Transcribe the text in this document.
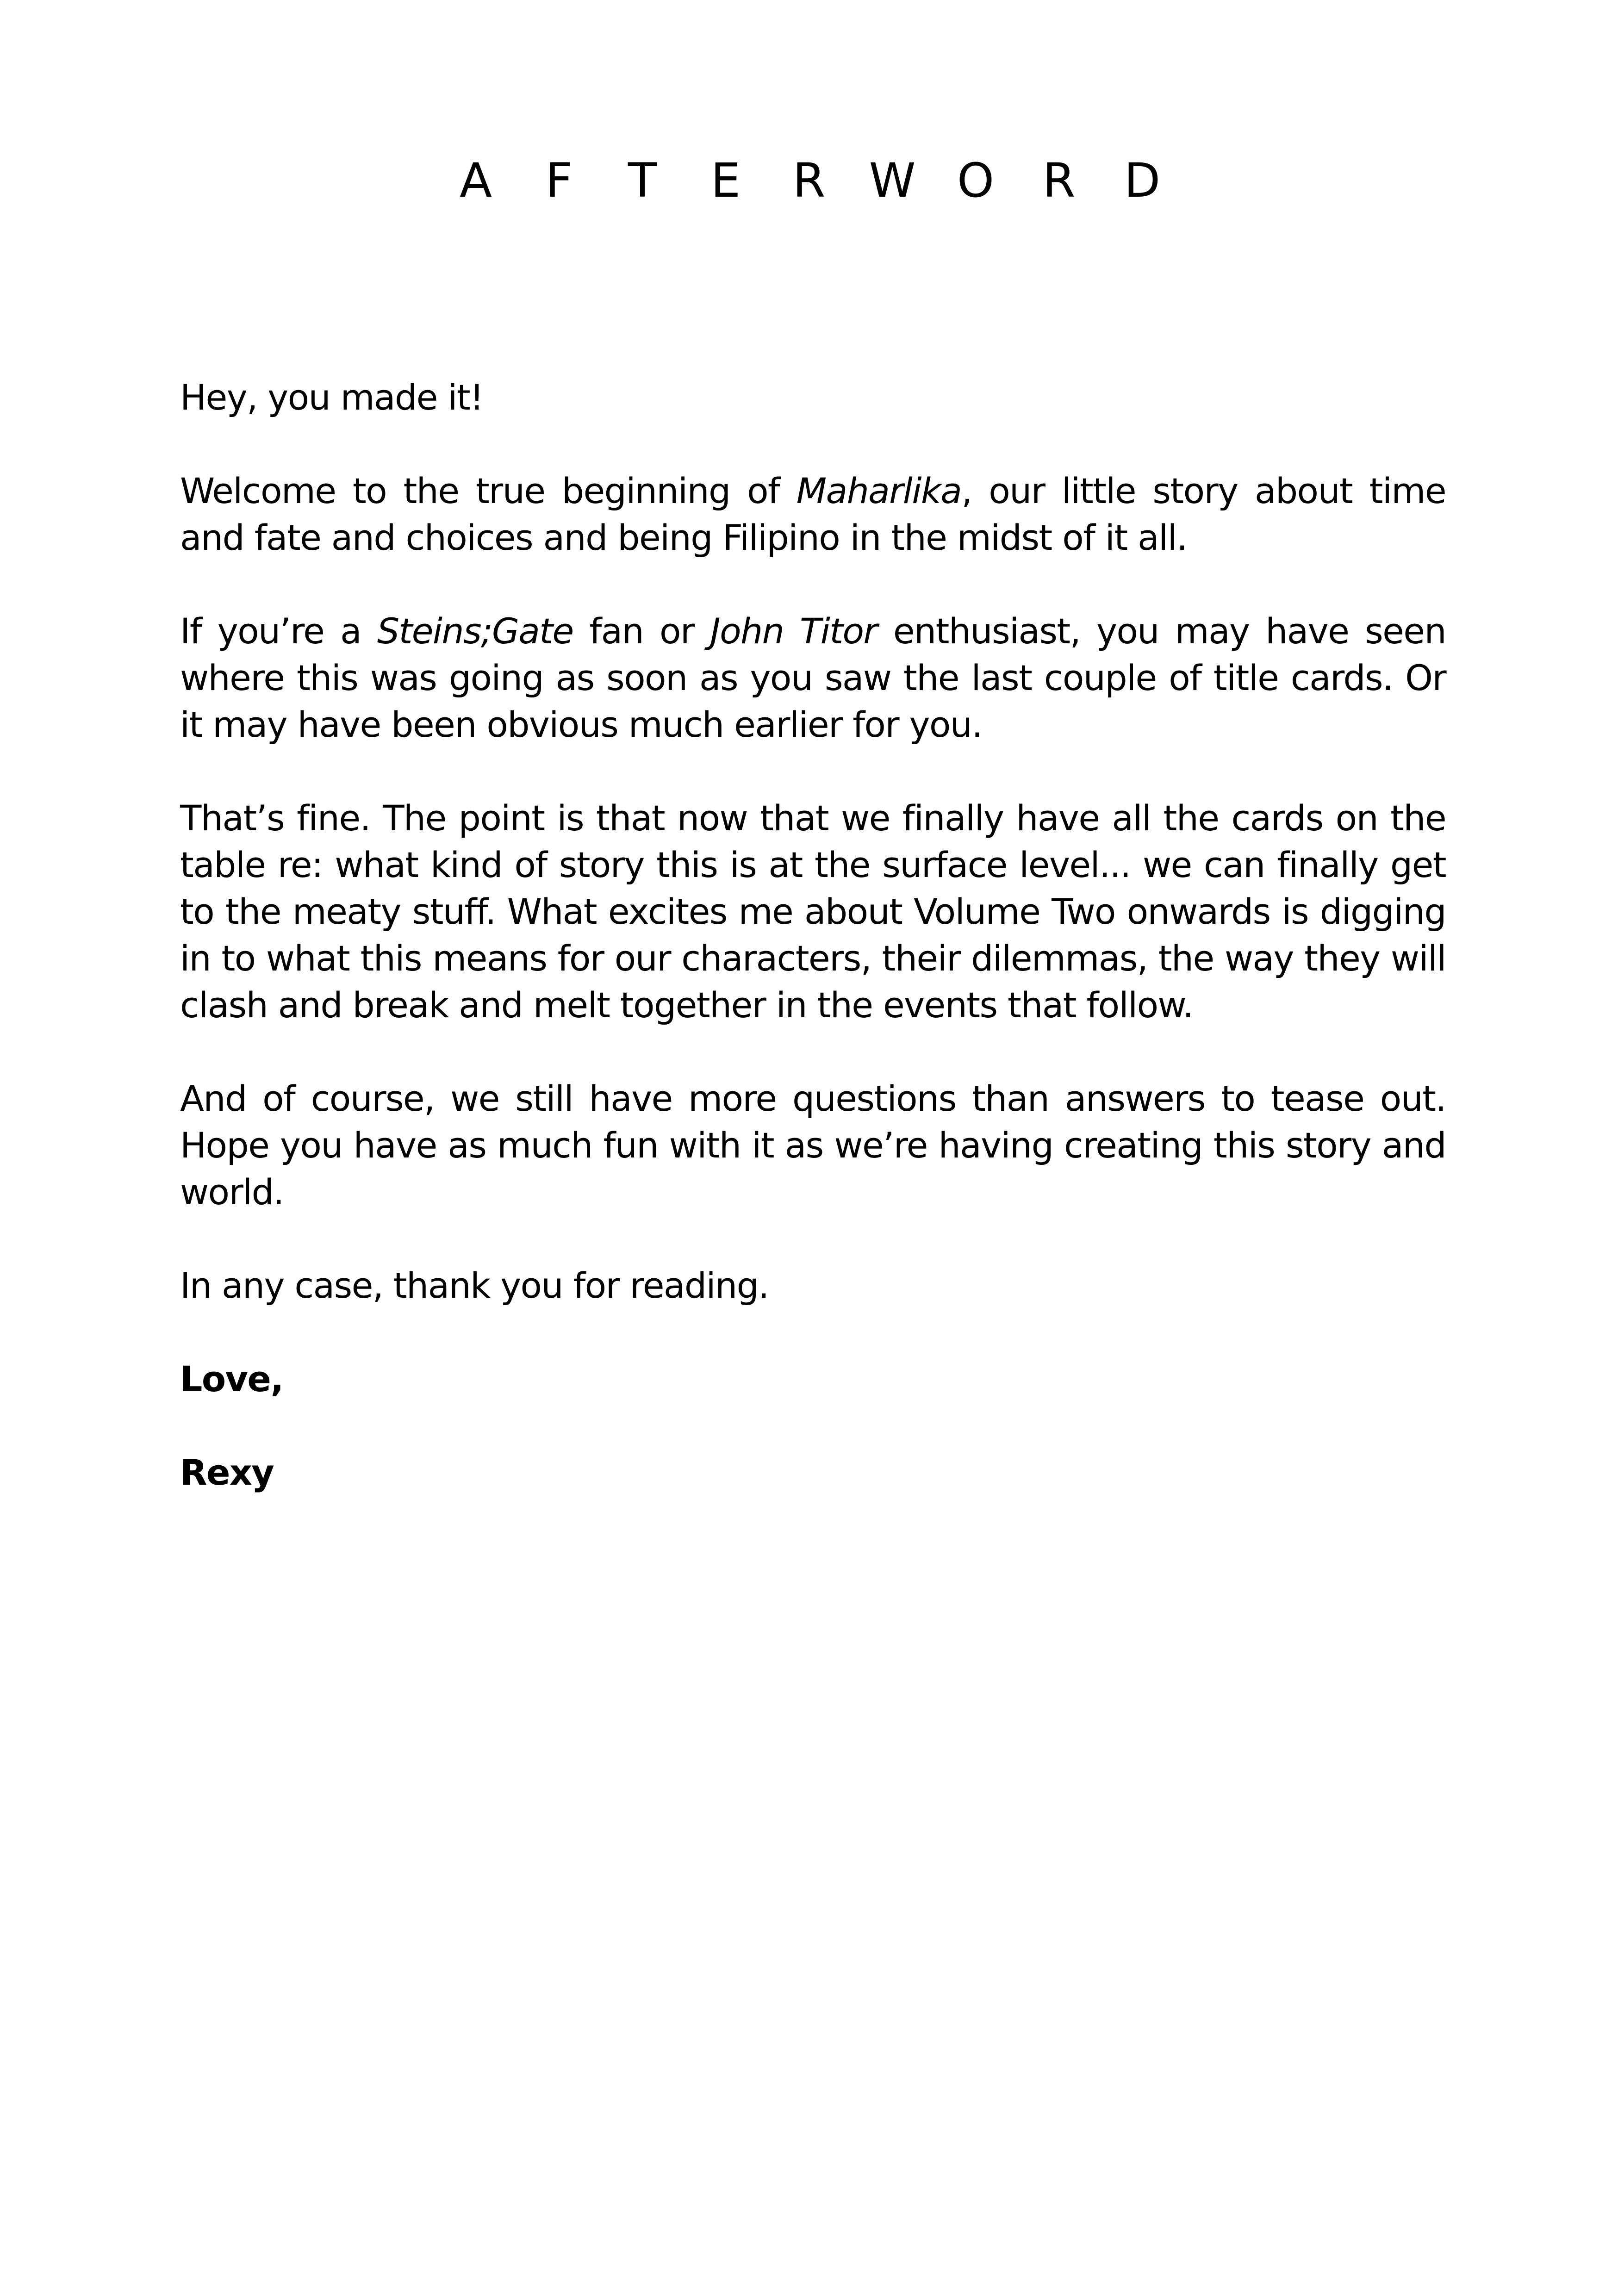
A F T E R W O R D

Hey, you made it!

Welcome to the true beginning of Maharlika, our little story about time and fate and choices and being Filipino in the midst of it all.

If you’re a Steins;Gate fan or John Titor enthusiast, you may have seen where this was going as soon as you saw the last couple of title cards. Or it may have been obvious much earlier for you.

That’s fine. The point is that now that we finally have all the cards on the table re: what kind of story this is at the surface level... we can finally get to the meaty stuff. What excites me about Volume Two onwards is digging in to what this means for our characters, their dilemmas, the way they will clash and break and melt together in the events that follow.

And of course, we still have more questions than answers to tease out. Hope you have as much fun with it as we’re having creating this story and world.

In any case, thank you for reading.

Love,

Rexy
